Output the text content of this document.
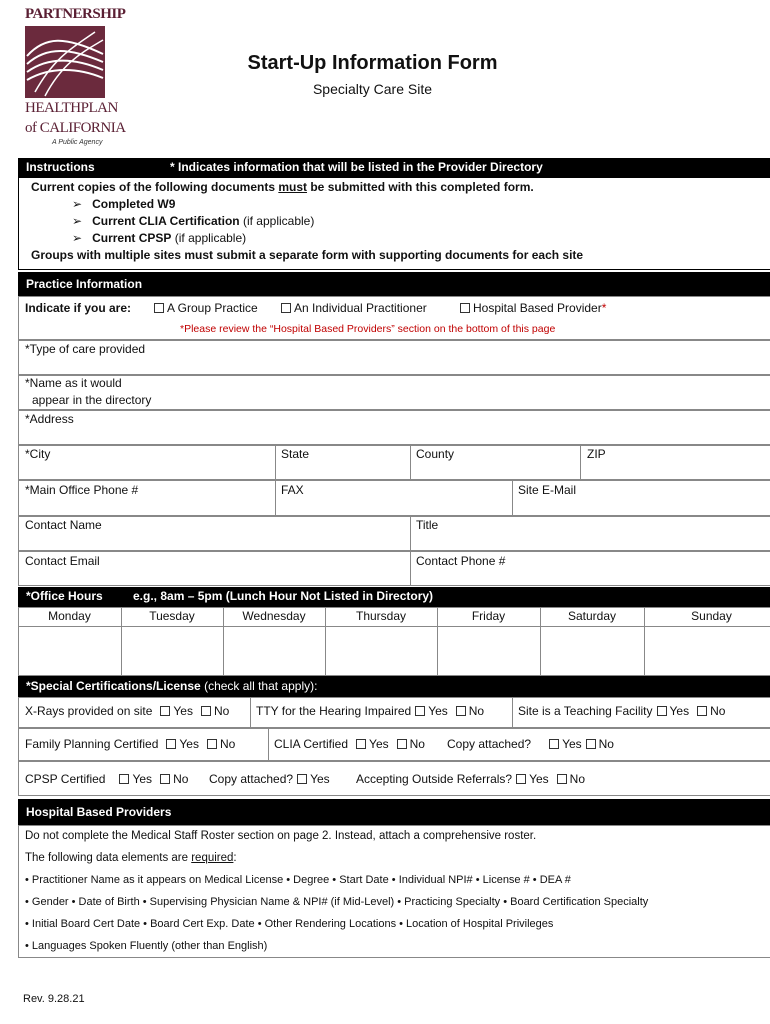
PARTNERSHIP
HEALTHPLAN
of CALIFORNIA
A Public Agency
Start-Up Information Form
Specialty Care Site
Instructions	* Indicates information that will be listed in the Provider Directory
Current copies of the following documents must be submitted with this completed form.
➢ Completed W9
➢ Current CLIA Certification (if applicable)
➢ Current CPSP (if applicable)
Groups with multiple sites must submit a separate form with supporting documents for each site
Practice Information
Indicate if you are:	A Group Practice	An Individual Practitioner	Hospital Based Provider*
*Please review the “Hospital Based Providers” section on the bottom of this page
*Type of care provided
*Name as it would
appear in the directory
*Address
*City	State	County	ZIP
*Main Office Phone #	FAX	Site E-Mail
Contact Name	Title
Contact Email	Contact Phone #
*Office Hours	e.g., 8am – 5pm (Lunch Hour Not Listed in Directory)
Monday	Tuesday	Wednesday	Thursday	Friday	Saturday	Sunday
*Special Certifications/License (check all that apply):
X-Rays provided on site Yes No TTY for the Hearing Impaired Yes No	Site is a Teaching Facility Yes No
Family Planning Certified Yes No	CLIA Certified Yes No Copy attached?	Yes No
CPSP Certified Yes No Copy attached? Yes Accepting Outside Referrals? Yes No
Hospital Based Providers
Do not complete the Medical Staff Roster section on page 2. Instead, attach a comprehensive roster.
The following data elements are required:
• Practitioner Name as it appears on Medical License • Degree • Start Date • Individual NPI# • License # • DEA #
• Gender • Date of Birth • Supervising Physician Name & NPI# (if Mid-Level) • Practicing Specialty • Board Certification Specialty
• Initial Board Cert Date • Board Cert Exp. Date • Other Rendering Locations • Location of Hospital Privileges
• Languages Spoken Fluently (other than English)
Rev. 9.28.21
